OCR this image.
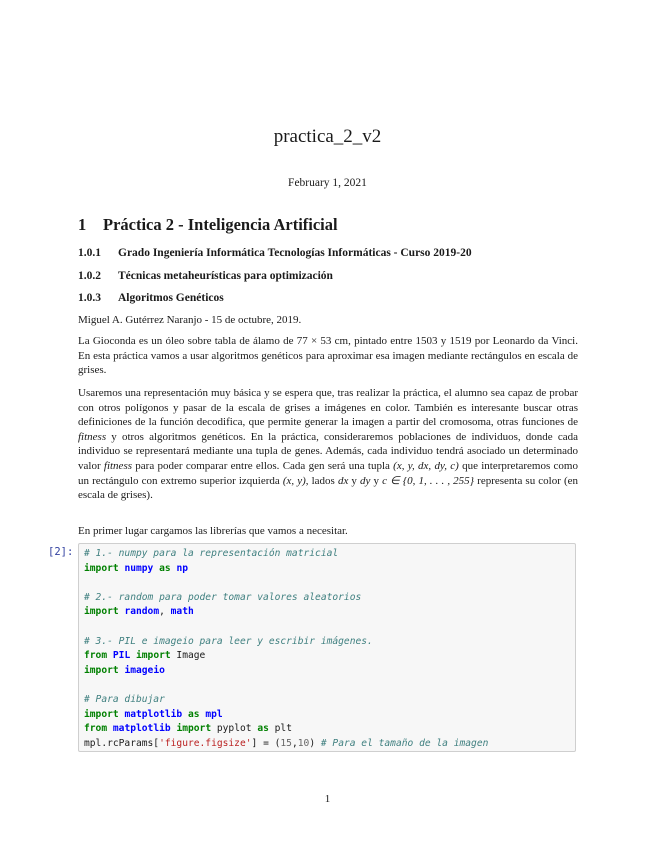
practica_2_v2
February 1, 2021
1 Práctica 2 - Inteligencia Artificial
1.0.1 Grado Ingeniería Informática Tecnologías Informáticas - Curso 2019-20
1.0.2 Técnicas metaheurísticas para optimización
1.0.3 Algoritmos Genéticos
Miguel A. Gutérrez Naranjo - 15 de octubre, 2019.
La Gioconda es un óleo sobre tabla de álamo de 77 × 53 cm, pintado entre 1503 y 1519 por Leonardo da Vinci. En esta práctica vamos a usar algoritmos genéticos para aproximar esa imagen mediante rectángulos en escala de grises.

Usaremos una representación muy básica y se espera que, tras realizar la práctica, el alumno sea capaz de probar con otros polígonos y pasar de la escala de grises a imágenes en color. También es interesante buscar otras definiciones de la función decodifica, que permite generar la imagen a partir del cromosoma, otras funciones de fitness y otros algoritmos genéticos. En la práctica, consideraremos poblaciones de individuos, donde cada individuo se representará mediante una tupla de genes. Además, cada individuo tendrá asociado un determinado valor fitness para poder comparar entre ellos. Cada gen será una tupla (x, y, dx, dy, c) que interpretaremos como un rectángulo con extremo superior izquierda (x, y), lados dx y dy y c ∈ {0, 1, . . . , 255} representa su color (en escala de grises).

En primer lugar cargamos las librerías que vamos a necesitar.
[2]: # 1.- numpy para la representación matricial
import numpy as np

# 2.- random para poder tomar valores aleatorios
import random, math

# 3.- PIL e imageio para leer y escribir imágenes.
from PIL import Image
import imageio

# Para dibujar
import matplotlib as mpl
from matplotlib import pyplot as plt
mpl.rcParams['figure.figsize'] = (15,10) # Para el tamaño de la imagen
1
